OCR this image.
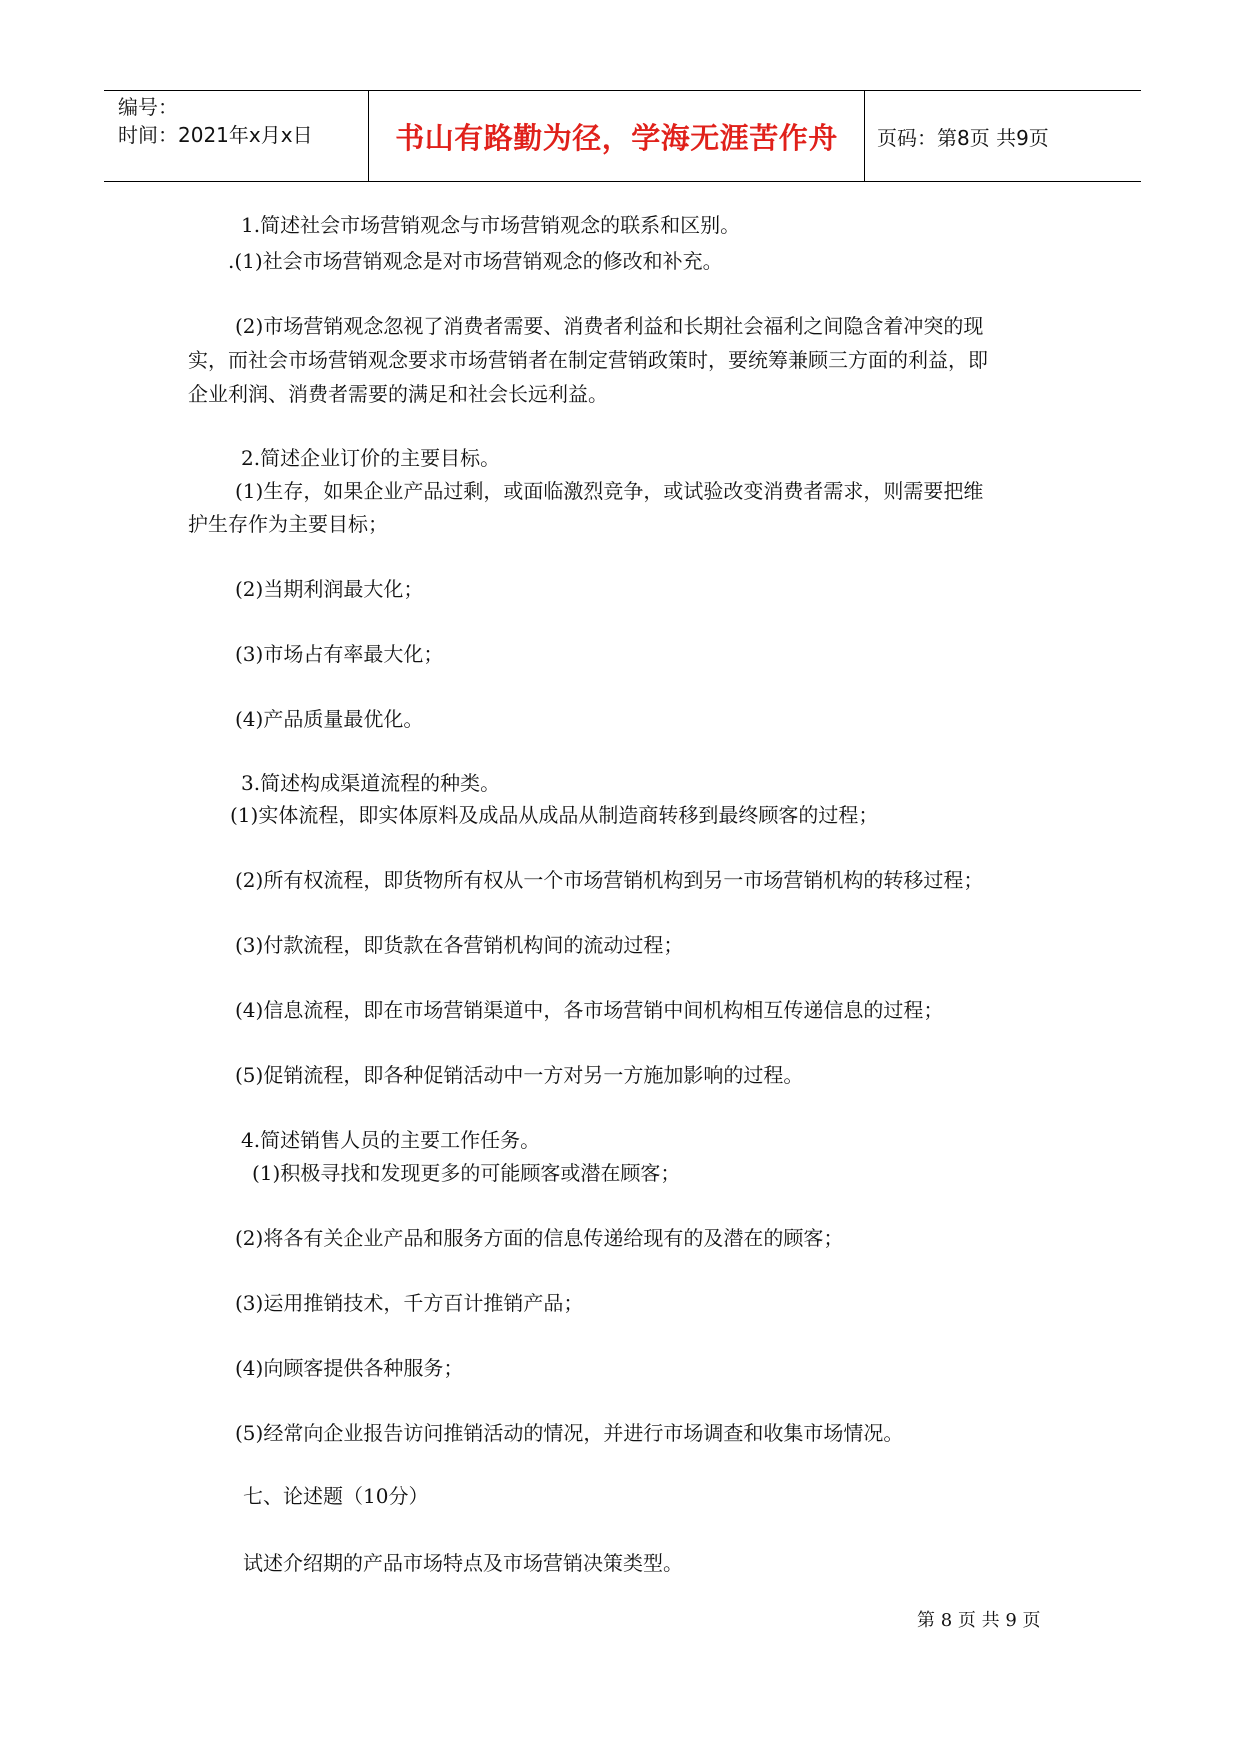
编号：
时间：2021年x月x日	书山有路勤为径，学海无涯苦作舟 页码：第8页 共9页
1.简述社会市场营销观念与市场营销观念的联系和区别。
.(1)社会市场营销观念是对市场营销观念的修改和补充。
(2)市场营销观念忽视了消费者需要、消费者利益和长期社会福利之间隐含着冲突的现
实，而社会市场营销观念要求市场营销者在制定营销政策时，要统筹兼顾三方面的利益，即
企业利润、消费者需要的满足和社会长远利益。
2.简述企业订价的主要目标。
(1)生存，如果企业产品过剩，或面临激烈竞争，或试验改变消费者需求，则需要把维
护生存作为主要目标；
(2)当期利润最大化；
(3)市场占有率最大化；
(4)产品质量最优化。
3.简述构成渠道流程的种类。
(1)实体流程，即实体原料及成品从成品从制造商转移到最终顾客的过程；
(2)所有权流程，即货物所有权从一个市场营销机构到另一市场营销机构的转移过程；
(3)付款流程，即货款在各营销机构间的流动过程；
(4)信息流程，即在市场营销渠道中，各市场营销中间机构相互传递信息的过程；
(5)促销流程，即各种促销活动中一方对另一方施加影响的过程。
4.简述销售人员的主要工作任务。
(1)积极寻找和发现更多的可能顾客或潜在顾客；
(2)将各有关企业产品和服务方面的信息传递给现有的及潜在的顾客；
(3)运用推销技术，千方百计推销产品；
(4)向顾客提供各种服务；
(5)经常向企业报告访问推销活动的情况，并进行市场调查和收集市场情况。
七、论述题（10分）
试述介绍期的产品市场特点及市场营销决策类型。
第 8 页 共 9 页
